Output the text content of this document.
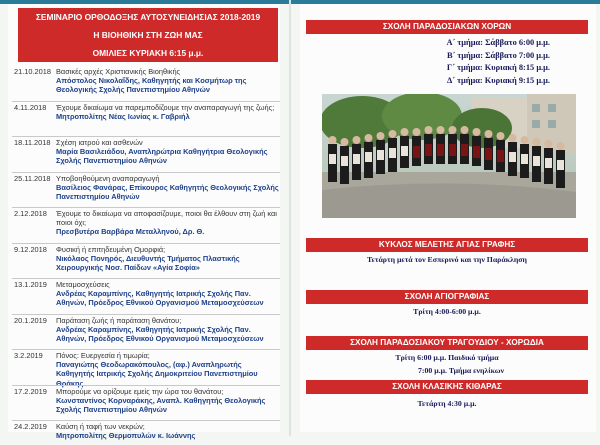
ΣΕΜΙΝΑΡΙΟ ΟΡΘΟΔΟΞΗΣ ΑΥΤΟΣΥΝΕΙΔΗΣΙΑΣ 2018-2019
Η ΒΙΟΗΘΙΚΗ ΣΤΗ ΖΩΗ ΜΑΣ
ΟΜΙΛΙΕΣ ΚΥΡΙΑΚΗ 6:15 μ.μ.
21.10.2018 Βασικές αρχές Χριστιανικής Βιοηθικής
Απόστολος Νικολαΐδης, Καθηγητής και Κοσμήτωρ της Θεολογικής Σχολής Πανεπιστημίου Αθηνών
4.11.2018 Έχουμε δικαίωμα να παρεμποδίζουμε την αναπαραγωγή της ζωής;
Μητροπολίτης Νέας Ιωνίας κ. Γαβριήλ
18.11.2018 Σχέση ιατρού και ασθενών
Μαρία Βασιλειάδου, Αναπληρώτρια Καθηγήτρια Θεολογικής Σχολής Πανεπιστημίου Αθηνών
25.11.2018 Υποβοηθούμενη αναπαραγωγή
Βασίλειος Φανάρας, Επίκουρος Καθηγητής Θεολογικής Σχολής Πανεπιστημίου Αθηνών
2.12.2018 Έχουμε το δικαίωμα να αποφασίζουμε, ποιοι θα έλθουν στη ζωή και ποιοι όχι;
Πρεσβυτέρα Βαρβάρα Μεταλληνού, Δρ. Θ.
9.12.2018 Φυσική ή επιτηδευμένη Ομορφιά;
Νικόλαος Πονηρός, Διευθυντής Τμήματος Πλαστικής Χειρουργικής Νοσ. Παίδων «Αγία Σοφία»
13.1.2019 Μεταμοσχεύσεις
Ανδρέας Καραμπίνης, Καθηγητής Ιατρικής Σχολής Παν. Αθηνών, Πρόεδρος Εθνικού Οργανισμού Μεταμοσχεύσεων
20.1.2019 Παράταση ζωής ή παράταση θανάτου;
Ανδρέας Καραμπίνης, Καθηγητής Ιατρικής Σχολής Παν. Αθηνών, Πρόεδρος Εθνικού Οργανισμού Μεταμοσχεύσεων
3.2.2019 Πόνος: Ευεργεσία ή τιμωρία;
Παναγιώτης Θεοδωρακόπουλος, (αφ.) Αναπληρωτής Καθηγητής Ιατρικής Σχολής Δημοκριτείου Πανεπιστημίου Θράκης
17.2.2019 Μπορούμε να ορίζουμε εμείς την ώρα του θανάτου;
Κωνσταντίνος Κορναράκης, Αναπλ. Καθηγητής Θεολογικής Σχολής Πανεπιστημίου Αθηνών
24.2.2019 Καύση ή ταφή των νεκρών;
Μητροπολίτης Θερμοπυλών κ. Ιωάννης
ΣΧΟΛΗ ΠΑΡΑΔΟΣΙΑΚΩΝ ΧΟΡΩΝ
Α΄ τμήμα: Σάββατο 6:00 μ.μ.
Β΄ τμήμα: Σάββατο 7:00 μ.μ.
Γ΄ τμήμα: Κυριακή 8:15 μ.μ.
Δ΄ τμήμα: Κυριακή 9:15 μ.μ.
ΚΥΚΛΟΣ ΜΕΛΕΤΗΣ ΑΓΙΑΣ ΓΡΑΦΗΣ
Τετάρτη μετά τον Εσπερινό και την Παράκληση
ΣΧΟΛΗ ΑΓΙΟΓΡΑΦΙΑΣ
Τρίτη 4:00-6:00 μ.μ.
ΣΧΟΛΗ ΠΑΡΑΔΟΣΙΑΚΟΥ ΤΡΑΓΟΥΔΙΟΥ - ΧΟΡΩΔΙΑ
Τρίτη 6:00 μ.μ. Παιδικό τμήμα
7:00 μ.μ. Τμήμα ενηλίκων
ΣΧΟΛΗ ΚΛΑΣΙΚΗΣ ΚΙΘΑΡΑΣ
Τετάρτη 4:30 μ.μ.
